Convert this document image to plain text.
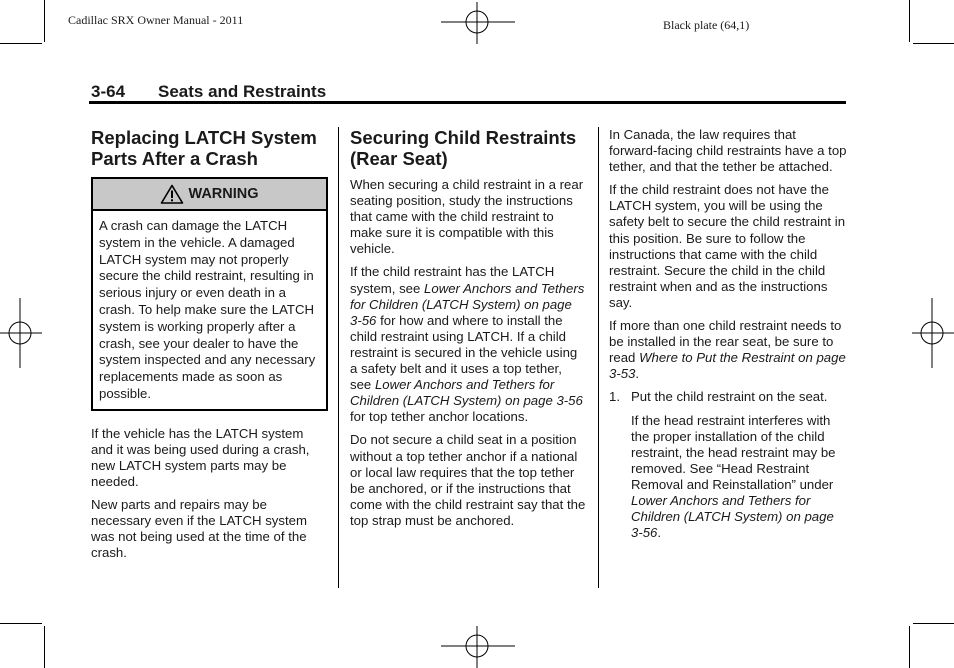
Cadillac SRX Owner Manual - 2011	Black plate (64,1)
3-64 Seats and Restraints
Replacing LATCH System Parts After a Crash
WARNING
A crash can damage the LATCH system in the vehicle. A damaged LATCH system may not properly secure the child restraint, resulting in serious injury or even death in a crash. To help make sure the LATCH system is working properly after a crash, see your dealer to have the system inspected and any necessary replacements made as soon as possible.

If the vehicle has the LATCH system and it was being used during a crash, new LATCH system parts may be needed.

New parts and repairs may be necessary even if the LATCH system was not being used at the time of the crash.

Securing Child Restraints (Rear Seat)

When securing a child restraint in a rear seating position, study the instructions that came with the child restraint to make sure it is compatible with this vehicle.

If the child restraint has the LATCH system, see Lower Anchors and Tethers for Children (LATCH System) on page 3-56 for how and where to install the child restraint using LATCH. If a child restraint is secured in the vehicle using a safety belt and it uses a top tether, see Lower Anchors and Tethers for Children (LATCH System) on page 3-56 for top tether anchor locations.

Do not secure a child seat in a position without a top tether anchor if a national or local law requires that the top tether be anchored, or if the instructions that come with the child restraint say that the top strap must be anchored.

In Canada, the law requires that forward-facing child restraints have a top tether, and that the tether be attached.

If the child restraint does not have the LATCH system, you will be using the safety belt to secure the child restraint in this position. Be sure to follow the instructions that came with the child restraint. Secure the child in the child restraint when and as the instructions say.

If more than one child restraint needs to be installed in the rear seat, be sure to read Where to Put the Restraint on page 3-53.

1. Put the child restraint on the seat.

If the head restraint interferes with the proper installation of the child restraint, the head restraint may be removed. See “Head Restraint Removal and Reinstallation” under Lower Anchors and Tethers for Children (LATCH System) on page 3-56.
